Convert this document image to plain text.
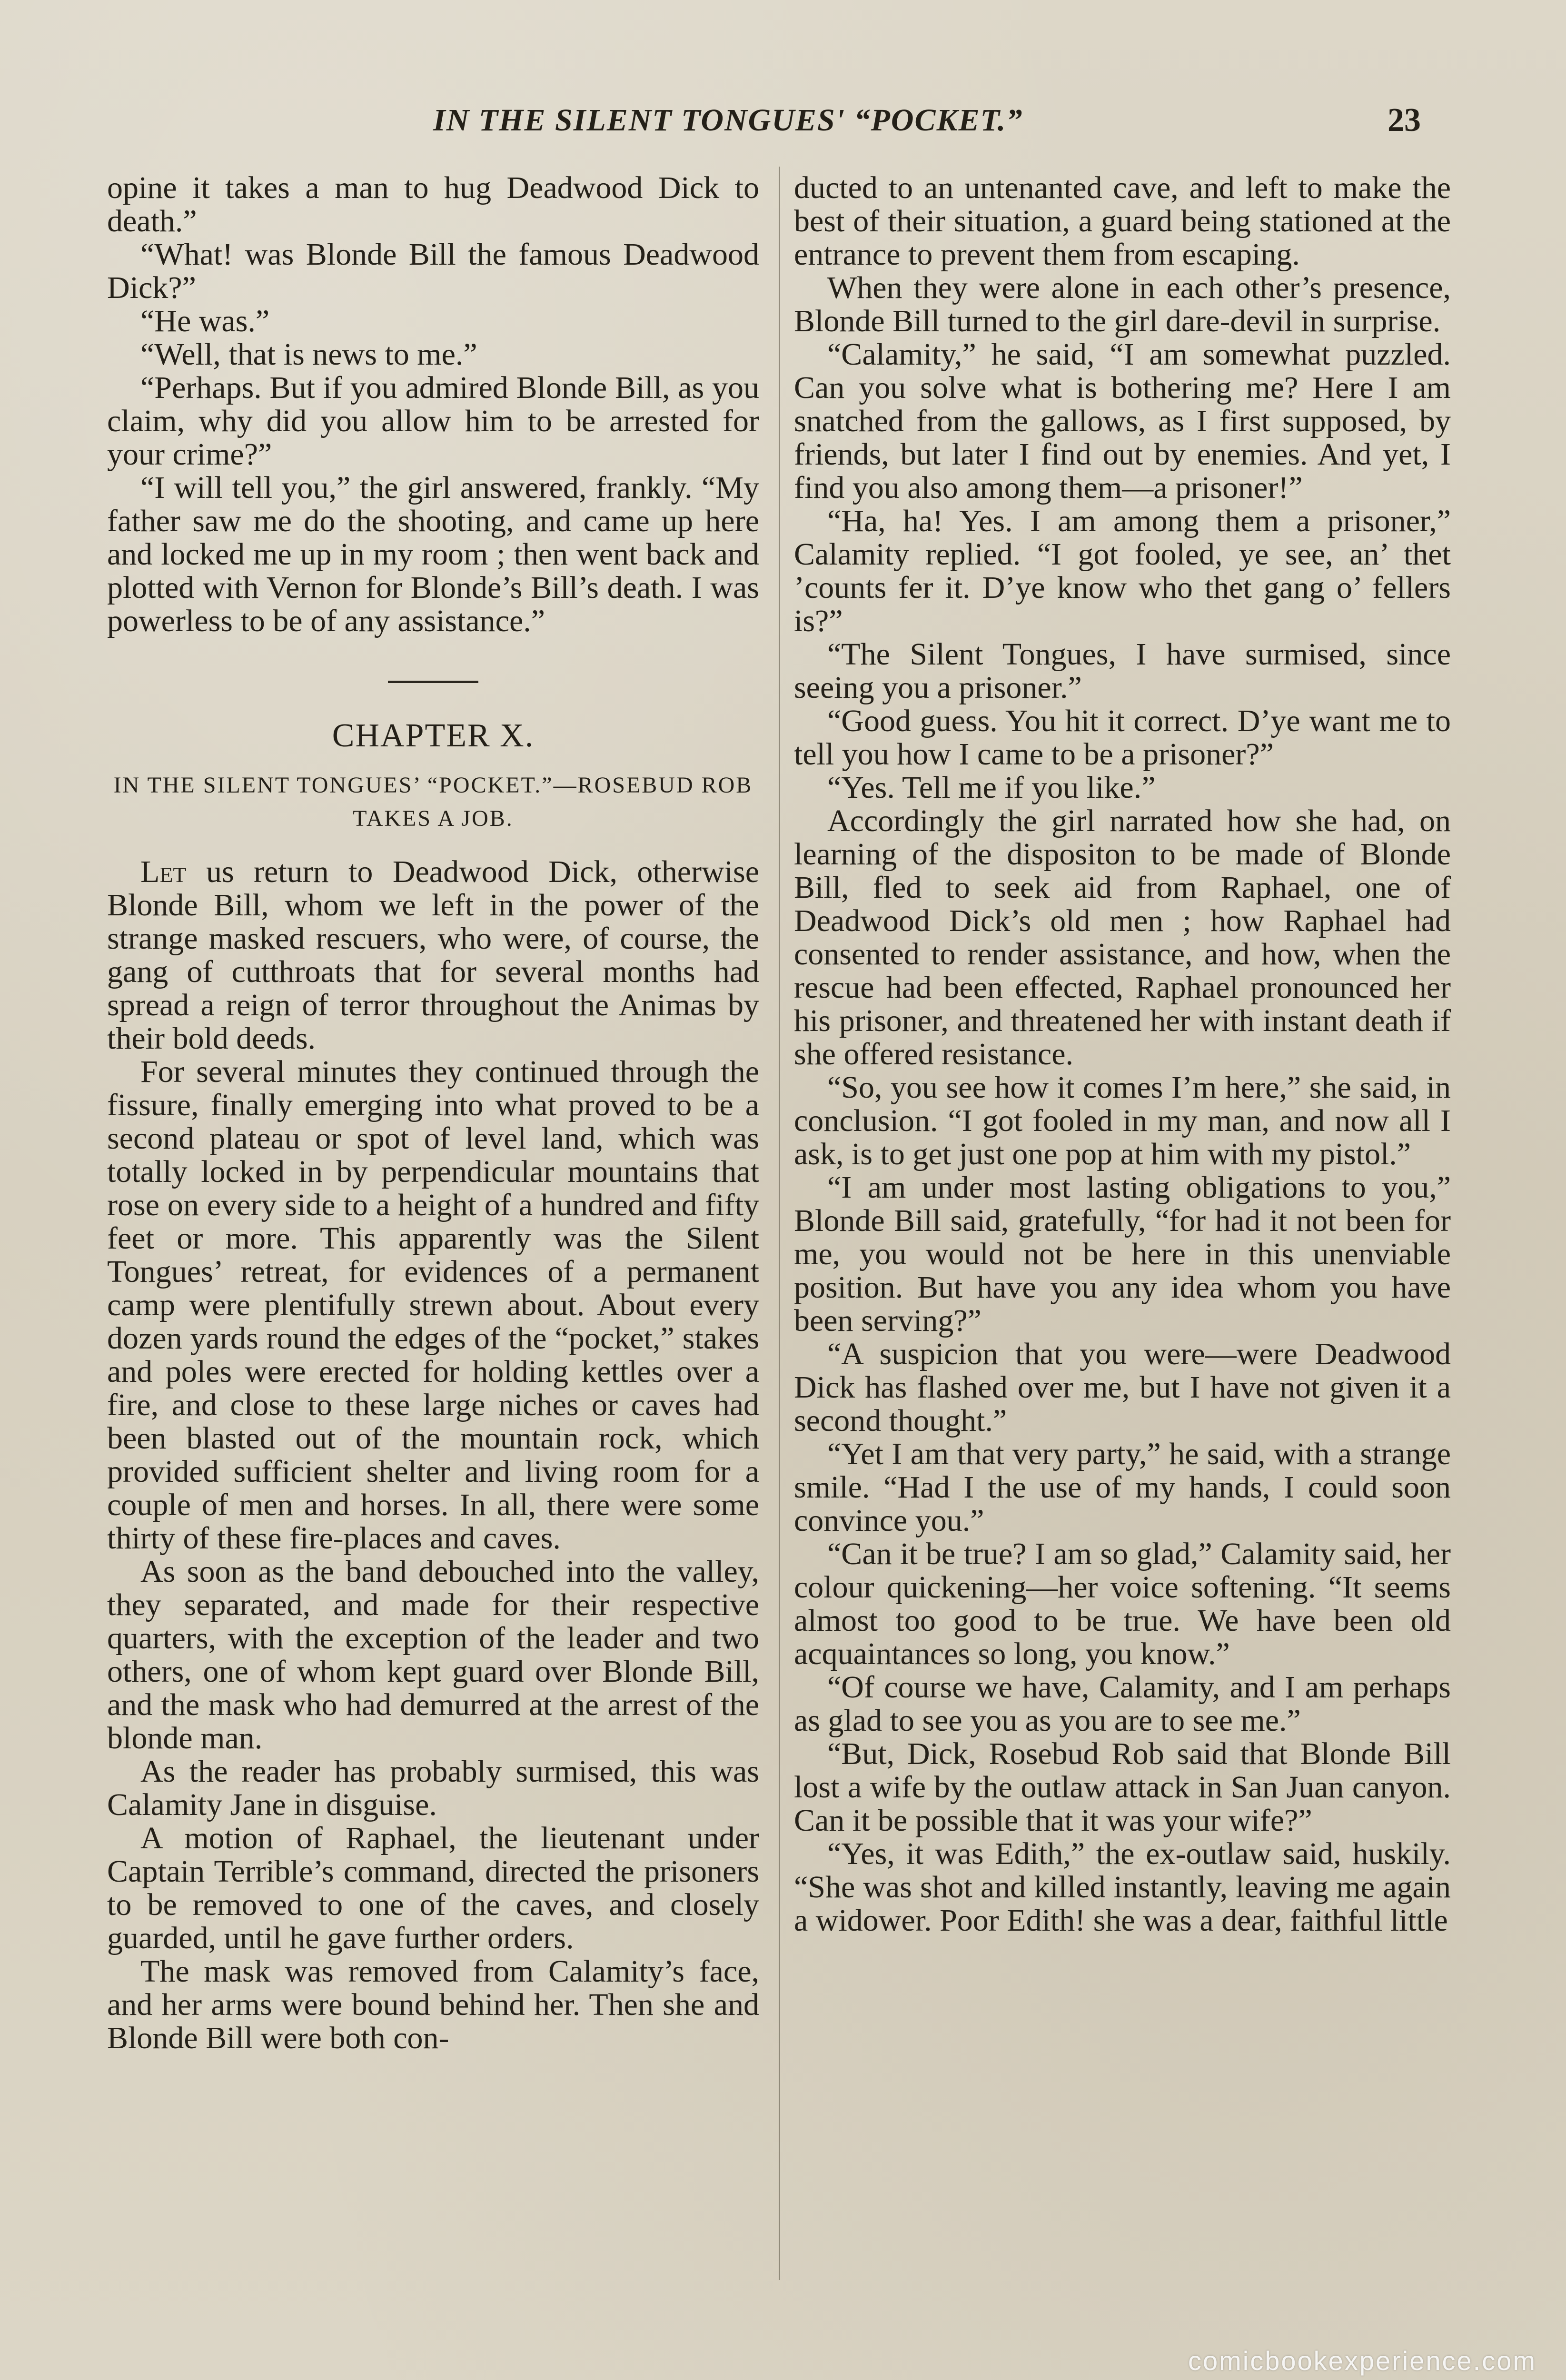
IN THE SILENT TONGUES' “POCKET.”	23

opine it takes a man to hug Deadwood Dick to death.”

“What! was Blonde Bill the famous Deadwood Dick?”

“He was.”

“Well, that is news to me.”

“Perhaps. But if you admired Blonde Bill, as you claim, why did you allow him to be arrested for your crime?”

“I will tell you,” the girl answered, frankly. “My father saw me do the shooting, and came up here and locked me up in my room ; then went back and plotted with Vernon for Blonde’s Bill’s death. I was powerless to be of any assistance.”

CHAPTER X.
IN THE SILENT TONGUES’ “POCKET.”—ROSEBUD ROB TAKES A JOB.

Let us return to Deadwood Dick, otherwise Blonde Bill, whom we left in the power of the strange masked rescuers, who were, of course, the gang of cutthroats that for several months had spread a reign of terror throughout the Animas by their bold deeds.

For several minutes they continued through the fissure, finally emerging into what proved to be a second plateau or spot of level land, which was totally locked in by perpendicular mountains that rose on every side to a height of a hundred and fifty feet or more. This apparently was the Silent Tongues’ retreat, for evidences of a permanent camp were plentifully strewn about. About every dozen yards round the edges of the “pocket,” stakes and poles were erected for holding kettles over a fire, and close to these large niches or caves had been blasted out of the mountain rock, which provided sufficient shelter and living room for a couple of men and horses. In all, there were some thirty of these fire-places and caves.

As soon as the band debouched into the valley, they separated, and made for their respective quarters, with the exception of the leader and two others, one of whom kept guard over Blonde Bill, and the mask who had demurred at the arrest of the blonde man.

As the reader has probably surmised, this was Calamity Jane in disguise.

A motion of Raphael, the lieutenant under Captain Terrible’s command, directed the prisoners to be removed to one of the caves, and closely guarded, until he gave further orders.

The mask was removed from Calamity’s face, and her arms were bound behind her. Then she and Blonde Bill were both con-

ducted to an untenanted cave, and left to make the best of their situation, a guard being stationed at the entrance to prevent them from escaping.

When they were alone in each other’s presence, Blonde Bill turned to the girl dare-devil in surprise.

“Calamity,” he said, “I am somewhat puzzled. Can you solve what is bothering me? Here I am snatched from the gallows, as I first supposed, by friends, but later I find out by enemies. And yet, I find you also among them—a prisoner!”

“Ha, ha! Yes. I am among them a prisoner,” Calamity replied. “I got fooled, ye see, an’ thet ’counts fer it. D’ye know who thet gang o’ fellers is?”

“The Silent Tongues, I have surmised, since seeing you a prisoner.”

“Good guess. You hit it correct. D’ye want me to tell you how I came to be a prisoner?”

“Yes. Tell me if you like.”

Accordingly the girl narrated how she had, on learning of the dispositon to be made of Blonde Bill, fled to seek aid from Raphael, one of Deadwood Dick’s old men ; how Raphael had consented to render assistance, and how, when the rescue had been effected, Raphael pronounced her his prisoner, and threatened her with instant death if she offered resistance.

“So, you see how it comes I’m here,” she said, in conclusion. “I got fooled in my man, and now all I ask, is to get just one pop at him with my pistol.”

“I am under most lasting obligations to you,” Blonde Bill said, gratefully, “for had it not been for me, you would not be here in this unenviable position. But have you any idea whom you have been serving?”

“A suspicion that you were—were Deadwood Dick has flashed over me, but I have not given it a second thought.”

“Yet I am that very party,” he said, with a strange smile. “Had I the use of my hands, I could soon convince you.”

“Can it be true? I am so glad,” Calamity said, her colour quickening—her voice softening. “It seems almost too good to be true. We have been old acquaintances so long, you know.”

“Of course we have, Calamity, and I am perhaps as glad to see you as you are to see me.”

“But, Dick, Rosebud Rob said that Blonde Bill lost a wife by the outlaw attack in San Juan canyon. Can it be possible that it was your wife?”

“Yes, it was Edith,” the ex-outlaw said, huskily. “She was shot and killed instantly, leaving me again a widower. Poor Edith! she was a dear, faithful little

comicbookexperience.com
